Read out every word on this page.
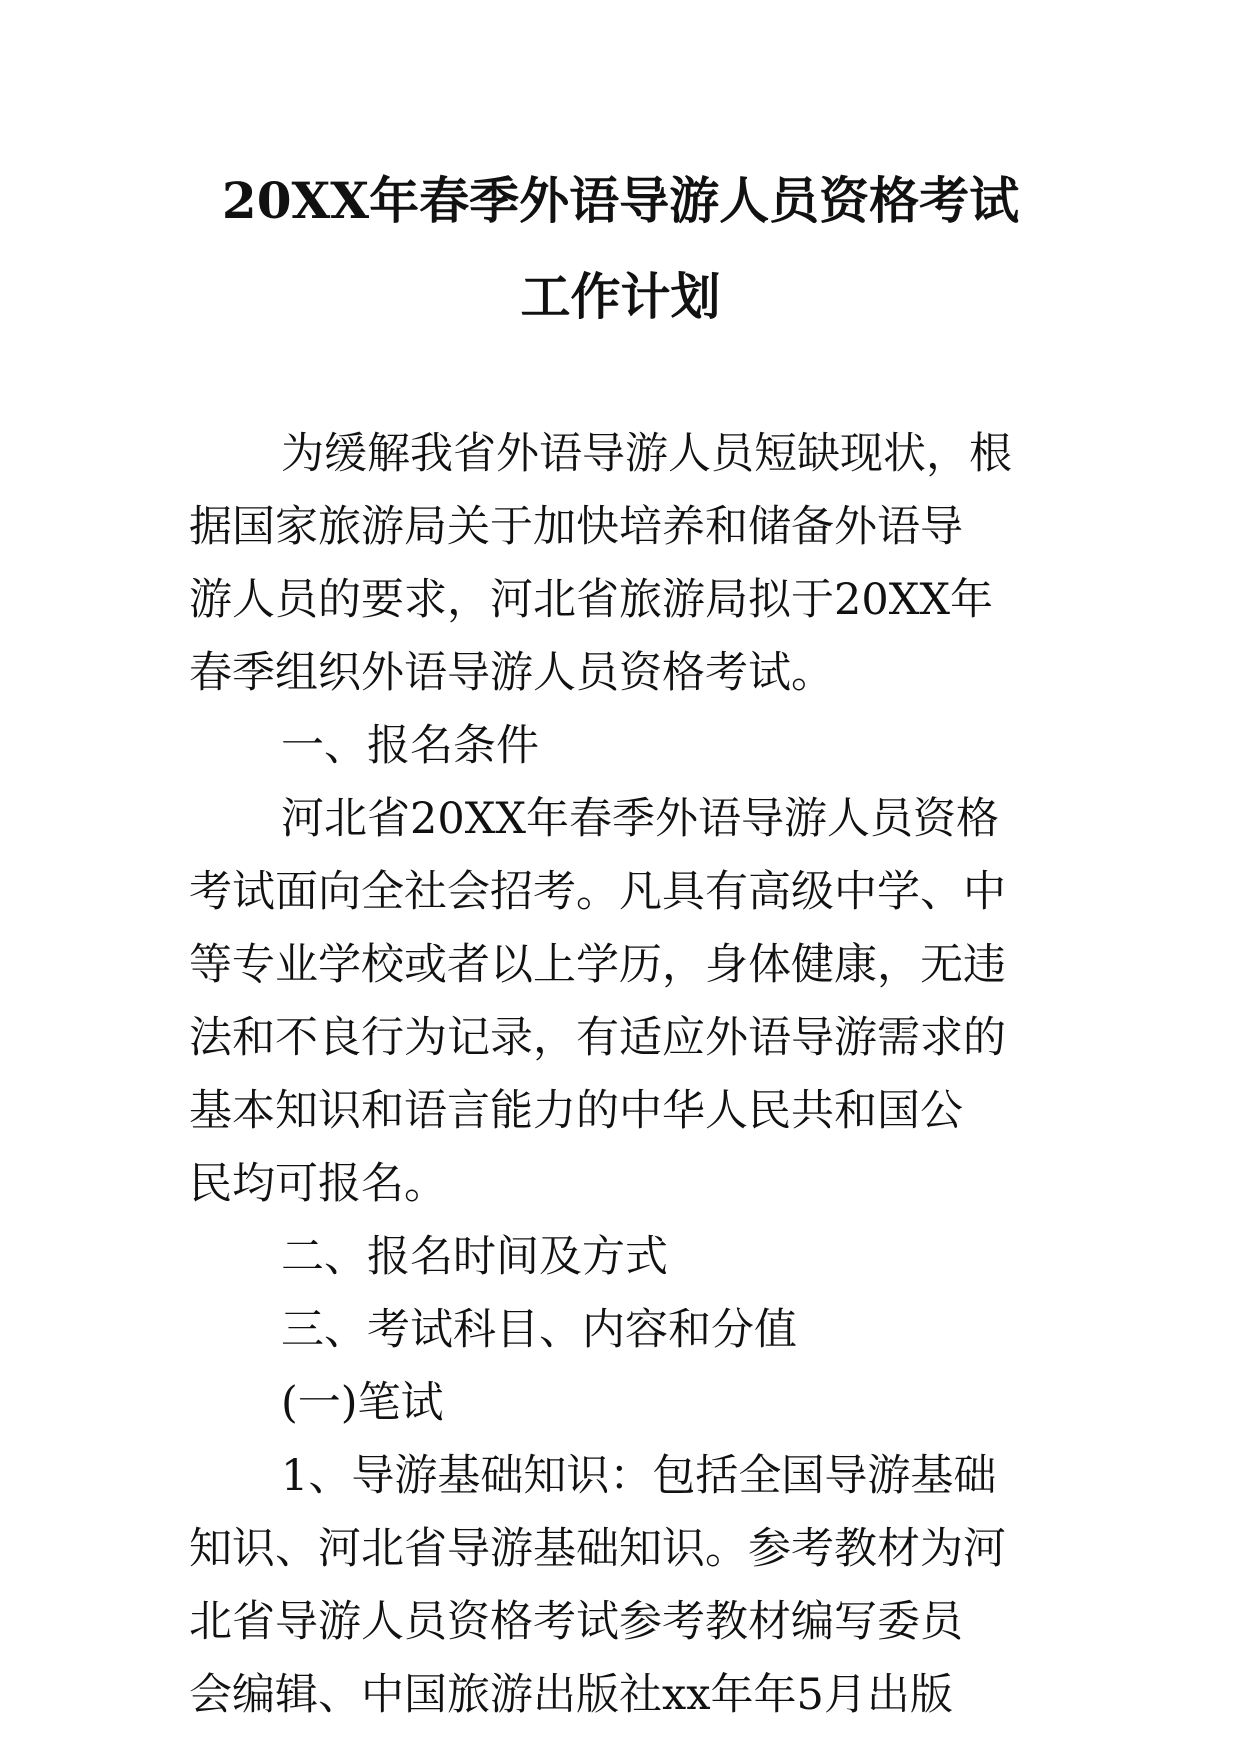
20XX年春季外语导游人员资格考试
工作计划
为缓解我省外语导游人员短缺现状，根
据国家旅游局关于加快培养和储备外语导
游人员的要求，河北省旅游局拟于20XX年
春季组织外语导游人员资格考试。
一、报名条件
河北省20XX年春季外语导游人员资格
考试面向全社会招考。凡具有高级中学、中
等专业学校或者以上学历，身体健康，无违
法和不良行为记录，有适应外语导游需求的
基本知识和语言能力的中华人民共和国公
民均可报名。
二、报名时间及方式
三、考试科目、内容和分值
(一)笔试
1、导游基础知识：包括全国导游基础
知识、河北省导游基础知识。参考教材为河
北省导游人员资格考试参考教材编写委员
会编辑、中国旅游出版社xx年年5月出版
